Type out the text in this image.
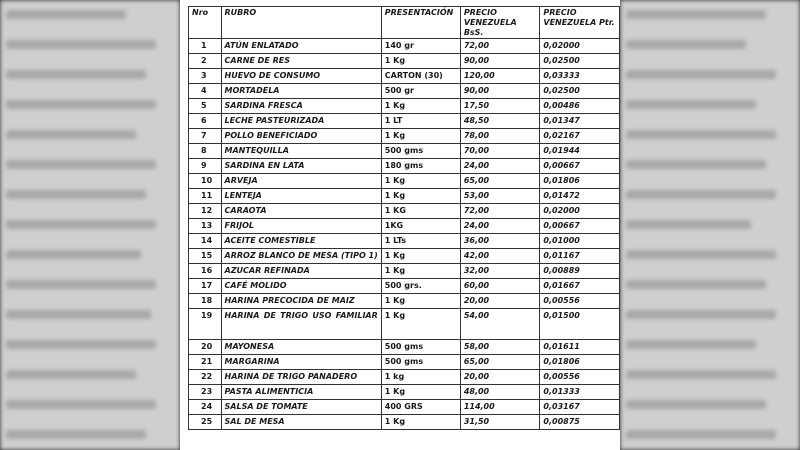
Nro	RUBRO	PRESENTACIÓN	PRECIO VENEZUELA BsS.	PRECIO VENEZUELA Ptr.
1	ATÚN ENLATADO	140 gr	72,00	0,02000
2	CARNE DE RES	1 Kg	90,00	0,02500
3	HUEVO DE CONSUMO	CARTON (30)	120,00	0,03333
4	MORTADELA	500 gr	90,00	0,02500
5	SARDINA FRESCA	1 Kg	17,50	0,00486
6	LECHE PASTEURIZADA	1 LT	48,50	0,01347
7	POLLO BENEFICIADO	1 Kg	78,00	0,02167
8	MANTEQUILLA	500 gms	70,00	0,01944
9	SARDINA EN LATA	180 gms	24,00	0,00667
10	ARVEJA	1 Kg	65,00	0,01806
11	LENTEJA	1 Kg	53,00	0,01472
12	CARAOTA	1 KG	72,00	0,02000
13	FRIJOL	1KG	24,00	0,00667
14	ACEITE COMESTIBLE	1 LTs	36,00	0,01000
15	ARROZ BLANCO DE MESA (TIPO 1)	1 Kg	42,00	0,01167
16	AZUCAR REFINADA	1 Kg	32,00	0,00889
17	CAFÉ MOLIDO	500 grs.	60,00	0,01667
18	HARINA PRECOCIDA DE MAIZ	1 Kg	20,00	0,00556
19	HARINA DE TRIGO USO FAMILIAR	1 Kg	54,00	0,01500
20	MAYONESA	500 gms	58,00	0,01611
21	MARGARINA	500 gms	65,00	0,01806
22	HARINA DE TRIGO PANADERO	1 kg	20,00	0,00556
23	PASTA ALIMENTICIA	1 Kg	48,00	0,01333
24	SALSA DE TOMATE	400 GRS	114,00	0,03167
25	SAL DE MESA	1 Kg	31,50	0,00875
